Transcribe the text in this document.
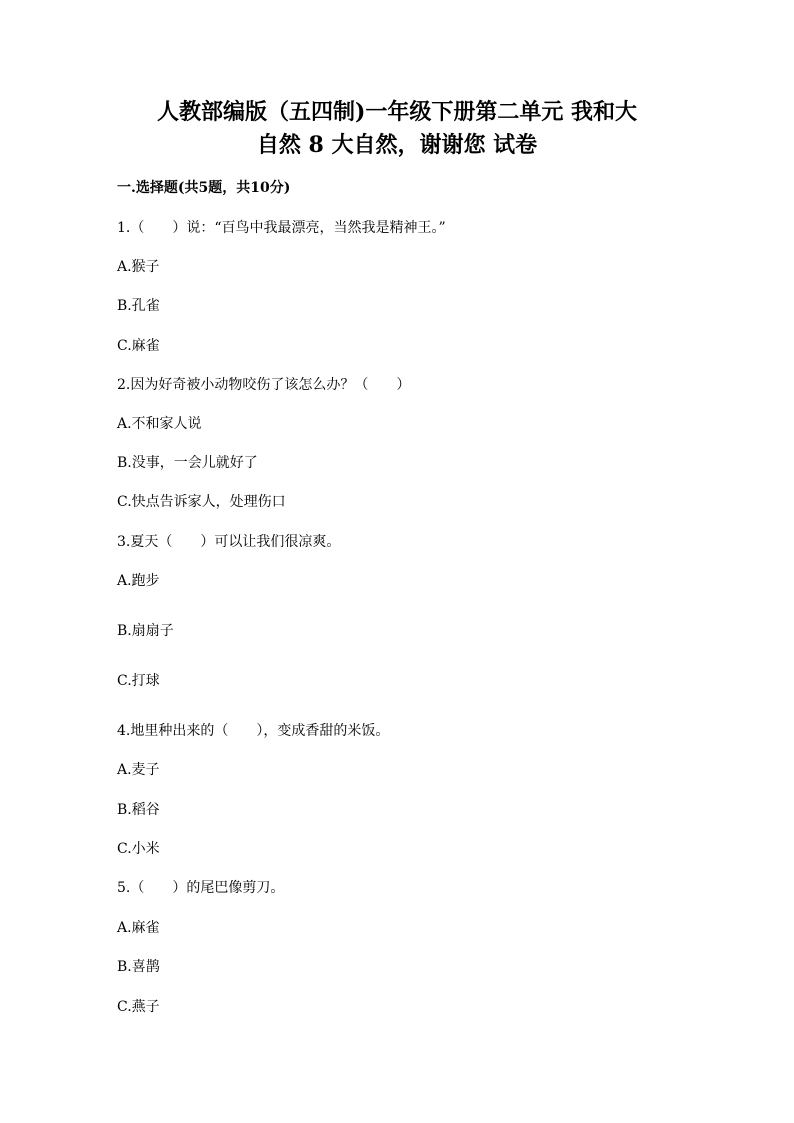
人教部编版（五四制)一年级下册第二单元 我和大
自然 8 大自然，谢谢您 试卷
一.选择题(共5题，共10分)
1.（　　）说：“百鸟中我最漂亮，当然我是精神王。”
A.猴子
B.孔雀
C.麻雀
2.因为好奇被小动物咬伤了该怎么办？（　　）
A.不和家人说
B.没事，一会儿就好了
C.快点告诉家人，处理伤口
3.夏天（　　）可以让我们很凉爽。
A.跑步
B.扇扇子
C.打球
4.地里种出来的（　　），变成香甜的米饭。
A.麦子
B.稻谷
C.小米
5.（　　）的尾巴像剪刀。
A.麻雀
B.喜鹊
C.燕子
